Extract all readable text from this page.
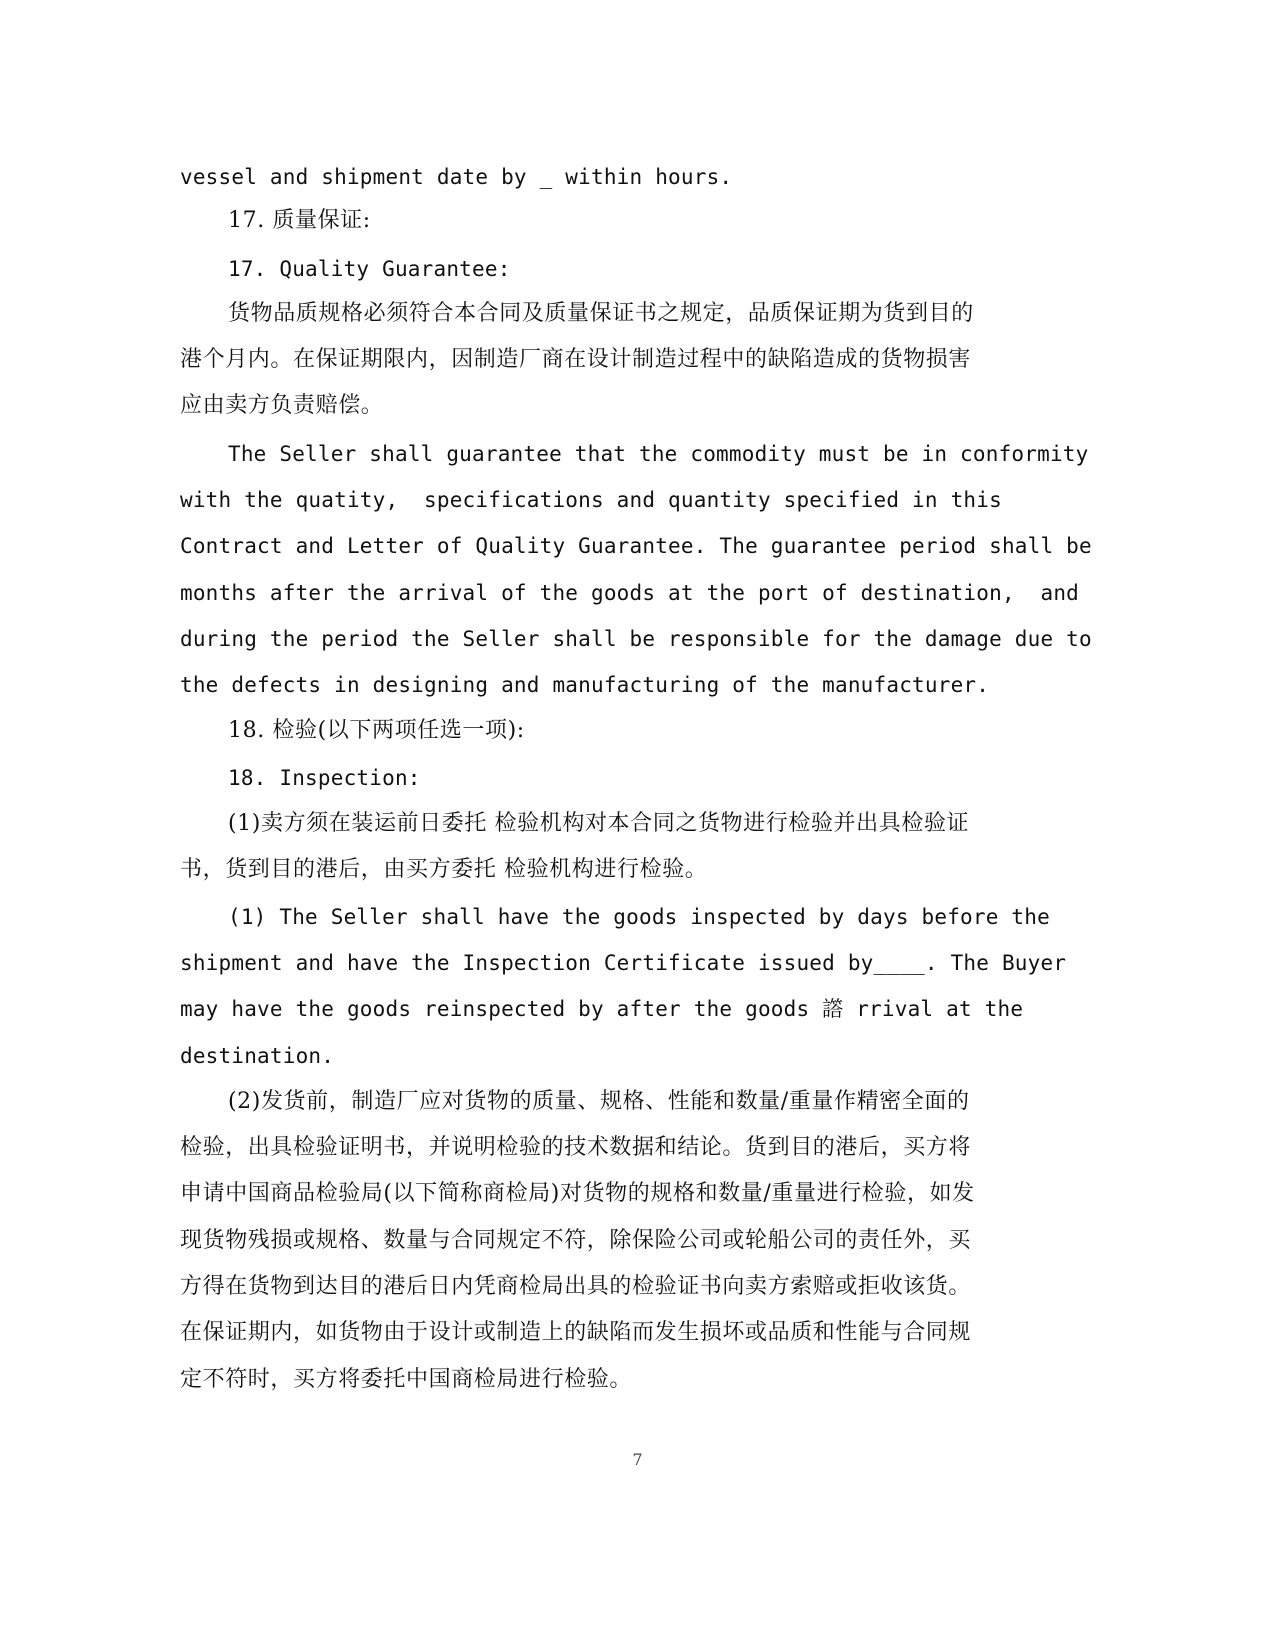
vessel and shipment date by _ within hours.
17. 质量保证:
17. Quality Guarantee:
货物品质规格必须符合本合同及质量保证书之规定，品质保证期为货到目的
港个月内。在保证期限内，因制造厂商在设计制造过程中的缺陷造成的货物损害
应由卖方负责赔偿。
The Seller shall guarantee that the commodity must be in conformity
with the quatity,  specifications and quantity specified in this
Contract and Letter of Quality Guarantee. The guarantee period shall be
months after the arrival of the goods at the port of destination,  and
during the period the Seller shall be responsible for the damage due to
the defects in designing and manufacturing of the manufacturer.
18. 检验(以下两项任选一项):
18. Inspection:
(1)卖方须在装运前日委托 检验机构对本合同之货物进行检验并出具检验证
书，货到目的港后，由买方委托 检验机构进行检验。
(1) The Seller shall have the goods inspected by days before the
shipment and have the Inspection Certificate issued by____. The Buyer
may have the goods reinspected by after the goods 譗 rrival at the
destination.
(2)发货前，制造厂应对货物的质量、规格、性能和数量/重量作精密全面的
检验，出具检验证明书，并说明检验的技术数据和结论。货到目的港后，买方将
申请中国商品检验局(以下简称商检局)对货物的规格和数量/重量进行检验，如发
现货物残损或规格、数量与合同规定不符，除保险公司或轮船公司的责任外，买
方得在货物到达目的港后日内凭商检局出具的检验证书向卖方索赔或拒收该货。
在保证期内，如货物由于设计或制造上的缺陷而发生损坏或品质和性能与合同规
定不符时，买方将委托中国商检局进行检验。
7
